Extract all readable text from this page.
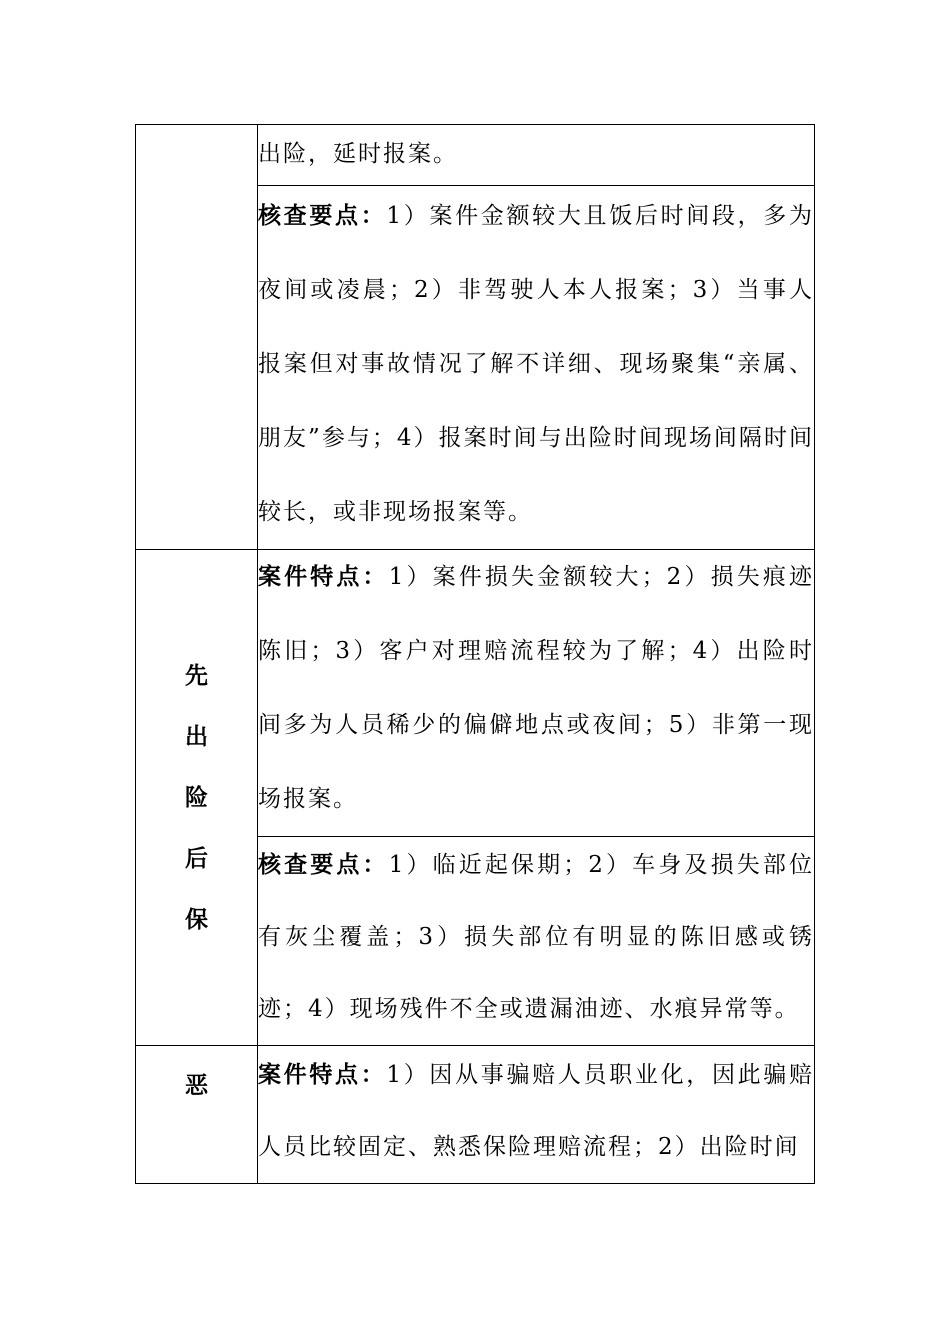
	出险，延时报案。

	核查要点：1）案件金额较大且饭后时间段，多为夜间或凌晨；2）非驾驶人本人报案；3）当事人报案但对事故情况了解不详细、现场聚集“亲属、朋友”参与；4）报案时间与出险时间现场间隔时间较长，或非现场报案等。

先
出
险
后
保	案件特点：1）案件损失金额较大；2）损失痕迹陈旧；3）客户对理赔流程较为了解；4）出险时间多为人员稀少的偏僻地点或夜间；5）非第一现场报案。

	核查要点：1）临近起保期；2）车身及损失部位有灰尘覆盖；3）损失部位有明显的陈旧感或锈迹；4）现场残件不全或遗漏油迹、水痕异常等。

恶	案件特点：1）因从事骗赔人员职业化，因此骗赔人员比较固定、熟悉保险理赔流程；2）出险时间
